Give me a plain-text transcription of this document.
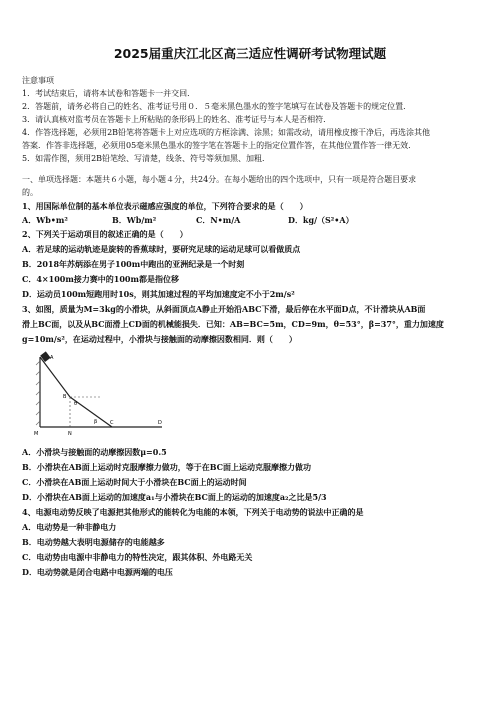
2025届重庆江北区高三适应性调研考试物理试题
注意事项
1．考试结束后，请将本试卷和答题卡一并交回．
2．答题前，请务必将自己的姓名、准考证号用０．５毫米黑色墨水的签字笔填写在试卷及答题卡的规定位置．
3．请认真核对监考员在答题卡上所粘贴的条形码上的姓名、准考证号与本人是否相符．
4．作答选择题，必须用2B铅笔将答题卡上对应选项的方框涂满、涂黑；如需改动，请用橡皮擦干净后，再选涂其他
答案．作答非选择题，必须用05毫米黑色墨水的签字笔在答题卡上的指定位置作答，在其他位置作答一律无效．
5．如需作图，须用2B铅笔绘、写清楚，线条、符号等须加黑、加粗．
一、单项选择题：本题共６小题，每小题４分，共24分。在每小题给出的四个选项中，只有一项是符合题目要求
的。
1、用国际单位制的基本单位表示磁感应强度的单位，下列符合要求的是（　　）
A．Wb•m²	B．Wb/m²	C．N•m/A	D．kg/（S²•A）
2、下列关于运动项目的叙述正确的是（　　）
A．若足球的运动轨迹是旋转的香蕉球时，要研究足球的运动足球可以看做质点
B．2018年苏炳添在男子100m中跑出的亚洲纪录是一个时刻
C．4×100m接力赛中的100m都是指位移
D．运动员100m短跑用时10s，则其加速过程的平均加速度定不小于2m/s²
3、如图，质量为M=3kg的小滑块，从斜面顶点A静止开始沿ABC下滑，最后停在水平面D点，不计滑块从AB面
滑上BC面，以及从BC面滑上CD面的机械能损失．已知：AB=BC=5m，CD=9m，θ=53°，β=37°，重力加速度
g=10m/s²，在运动过程中，小滑块与接触面的动摩擦因数相同．则（　　）
A
B
C	D
M	N
θ
β
A．小滑块与接触面的动摩擦因数μ=0.5
B．小滑块在AB面上运动时克服摩擦力做功，等于在BC面上运动克服摩擦力做功
C．小滑块在AB面上运动时间大于小滑块在BC面上的运动时间
D．小滑块在AB面上运动的加速度a₁与小滑块在BC面上的运动的加速度a₂之比是5/3
4、电源电动势反映了电源把其他形式的能转化为电能的本领，下列关于电动势的说法中正确的是
A．电动势是一种非静电力
B．电动势越大表明电源储存的电能越多
C．电动势由电源中非静电力的特性决定，跟其体积、外电路无关
D．电动势就是闭合电路中电源两端的电压
